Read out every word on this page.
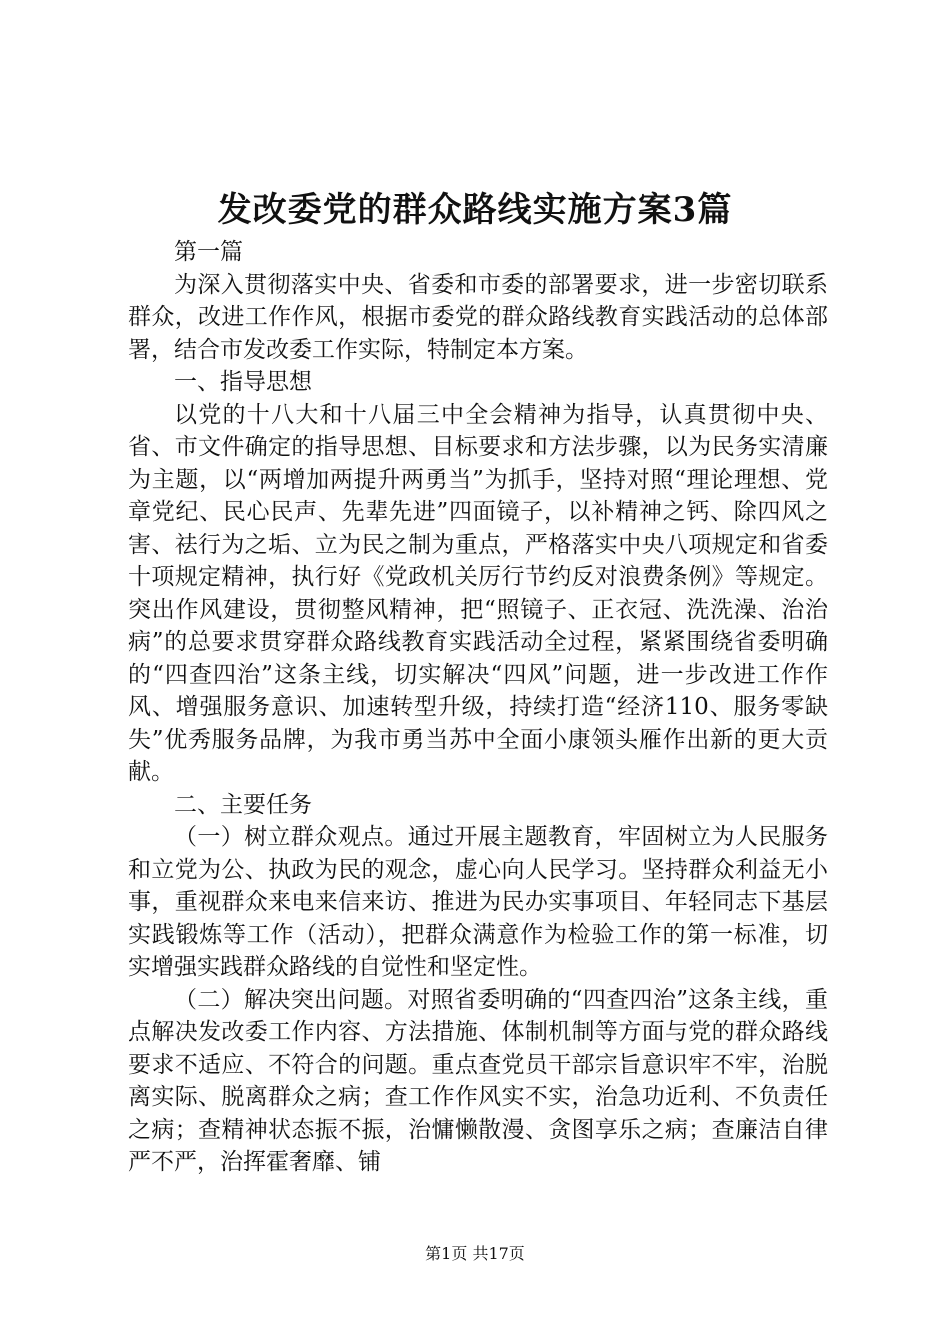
发改委党的群众路线实施方案3篇

第一篇

为深入贯彻落实中央、省委和市委的部署要求，进一步密切联系群众，改进工作作风，根据市委党的群众路线教育实践活动的总体部署，结合市发改委工作实际，特制定本方案。

一、指导思想

以党的十八大和十八届三中全会精神为指导，认真贯彻中央、省、市文件确定的指导思想、目标要求和方法步骤，以为民务实清廉为主题，以“两增加两提升两勇当”为抓手，坚持对照“理论理想、党章党纪、民心民声、先辈先进”四面镜子，以补精神之钙、除四风之害、祛行为之垢、立为民之制为重点，严格落实中央八项规定和省委十项规定精神，执行好《党政机关厉行节约反对浪费条例》等规定。突出作风建设，贯彻整风精神，把“照镜子、正衣冠、洗洗澡、治治病”的总要求贯穿群众路线教育实践活动全过程，紧紧围绕省委明确的“四查四治”这条主线，切实解决“四风”问题，进一步改进工作作风、增强服务意识、加速转型升级，持续打造“经济110、服务零缺失”优秀服务品牌，为我市勇当苏中全面小康领头雁作出新的更大贡献。

二、主要任务

（一）树立群众观点。通过开展主题教育，牢固树立为人民服务和立党为公、执政为民的观念，虚心向人民学习。坚持群众利益无小事，重视群众来电来信来访、推进为民办实事项目、年轻同志下基层实践锻炼等工作（活动），把群众满意作为检验工作的第一标准，切实增强实践群众路线的自觉性和坚定性。

（二）解决突出问题。对照省委明确的“四查四治”这条主线，重点解决发改委工作内容、方法措施、体制机制等方面与党的群众路线要求不适应、不符合的问题。重点查党员干部宗旨意识牢不牢，治脱离实际、脱离群众之病；查工作作风实不实，治急功近利、不负责任之病；查精神状态振不振，治慵懒散漫、贪图享乐之病；查廉洁自律严不严，治挥霍奢靡、铺

第1页 共17页
